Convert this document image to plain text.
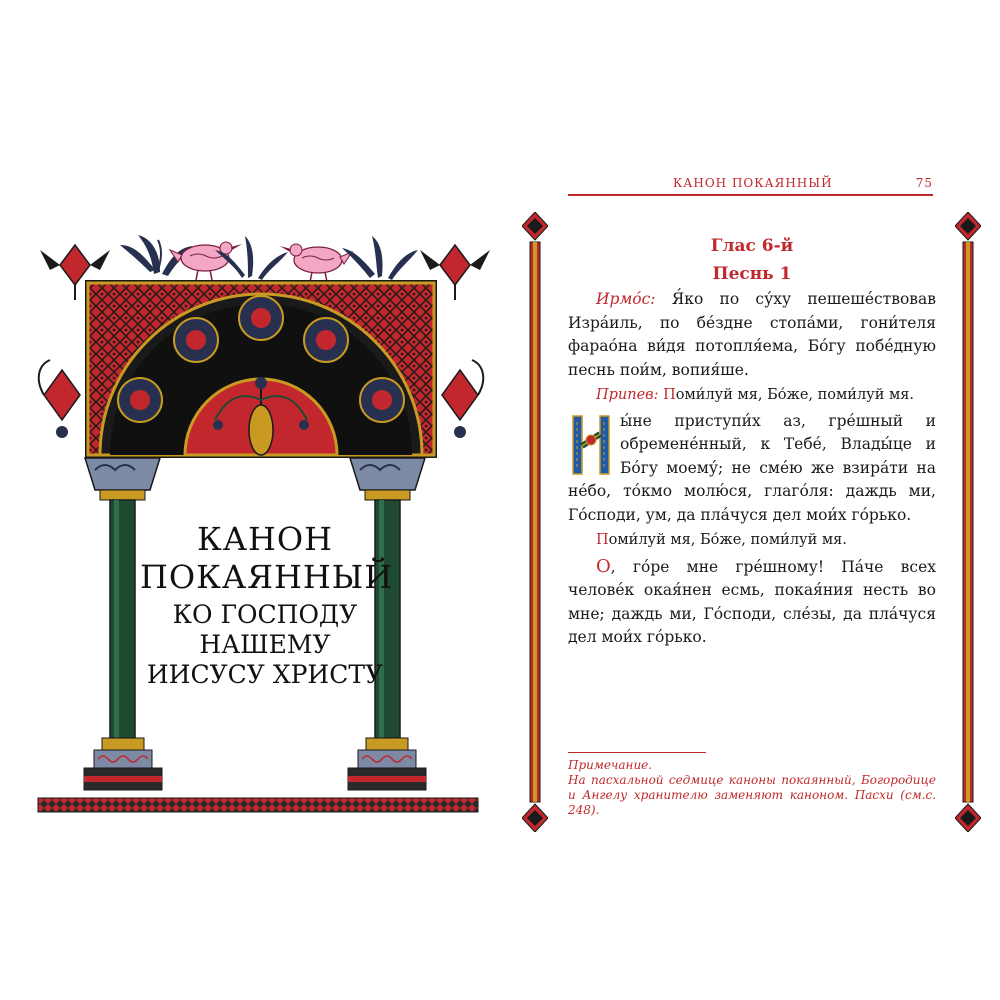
КАНОН ПОКАЯННЫЙ
КО ГОСПОДУ НАШЕМУ ИИСУСУ ХРИСТУ
КАНОН ПОКАЯННЫЙ	75
Глас 6-й
Песнь 1

Ирмо́с: Я́ко по су́ху пешеше́ствовав Изра́иль, по бе́здне стопа́ми, гони́теля фарао́на ви́дя потопля́ема, Бо́гу побе́дную песнь пои́м, вопия́ше.

Припев: Поми́луй мя, Бо́же, поми́луй мя.

Н

ы́не приступи́х аз, гре́шный и обремене́нный, к Тебе́, Влады́це и Бо́гу моему́; не сме́ю же взира́ти на не́бо, то́кмо молю́ся, глаго́ля: даждь ми, Го́споди, ум, да пла́чуся дел мои́х го́рько.

Поми́луй мя, Бо́же, поми́луй мя.

О, го́ре мне гре́шному! Па́че всех челове́к окая́нен есмь, покая́ния несть во мне; даждь ми, Го́споди, сле́зы, да пла́чуся дел мои́х го́рько.

Примечание.
На пасхальной седмице каноны покаянный, Богородице и Ангелу хранителю заменяют каноном. Пасхи (см.с. 248).
